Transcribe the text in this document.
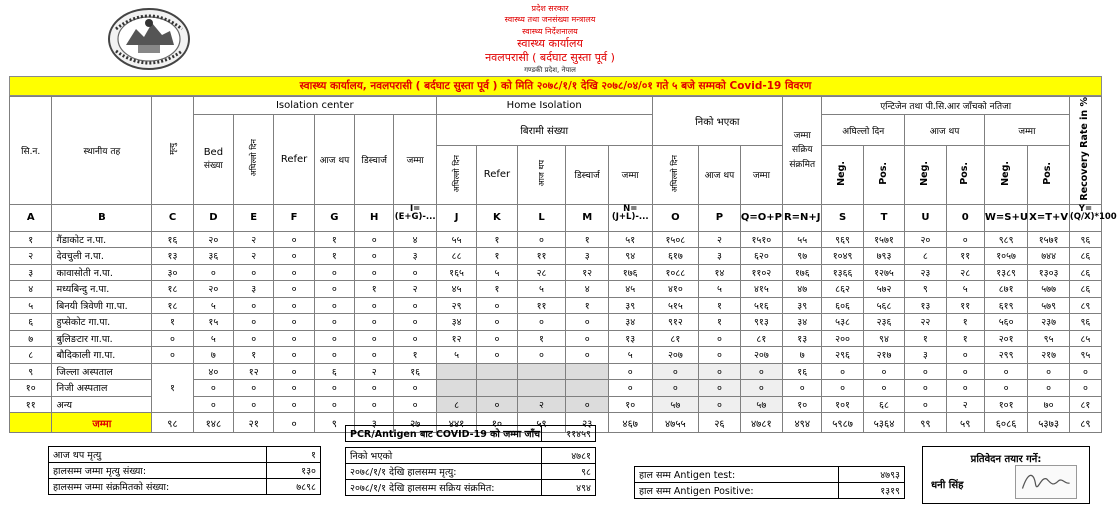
प्रदेश सरकार
स्वास्थ्य तथा जनसंख्या मन्त्रालय
स्वास्थ्य निर्देशनालय
स्वास्थ्य कार्यालय
नवलपरासी ( बर्दघाट सुस्ता पूर्व )
गण्डकी प्रदेश, नेपाल
स्वास्थ्य कार्यालय, नवलपरासी ( बर्दघाट सुस्ता पूर्व ) को मिति २०७८/१/१ देखि २०७८/०४/०१ गते ५ बजे सम्मको Covid-19 विवरण
सि.न.	स्थानीय तह	मृत्यु	Isolation center						Home Isolation					निको भएका			जम्मा सक्रिय संक्रमित	एन्टिजेन तथा पी.सि.आर जाँचको नतिजा						Recovery Rate in %
			Bed
संख्या	अघिल्लो दिन	Refer	आज थप	डिस्चार्ज	जम्मा	बिरामी संख्या									अघिल्लो दिन		आज थप		जम्मा		
									अघिल्लो दिन	Refer	आज थप	डिस्चार्ज	जम्मा	अघिल्लो दिन	आज थप	जम्मा		Neg.	Pos.	Neg.	Pos.	Neg.	Pos.	

A	B	C	D	E	F	G	H	I=(E+G)-...	J	K	L	M	N=(J+L)-...	O	P	Q=O+P	R=N+J	S	T	U	0	W=S+U	X=T+V	Y=(Q/X)*100
१	गैंडाकोट न.पा.	१६	२०	२	०	१	०	४	५५	१	०	१	५१	१५०८	२	१५१०	५५	९६९	१५७१	२०	०	९८९	१५७१	९६
२	देवचुली न.पा.	१३	३६	२	०	१	०	३	८८	१	११	३	९४	६१७	३	६२०	९७	१०४९	७९३	८	११	१०५७	७४४	८६
३	कावासोती न.पा.	३०	०	०	०	०	०	०	१६५	५	२८	१२	१७६	१०८८	१४	११०२	१७६	१३६६	१२७५	२३	२८	१३८९	१३०३	८६
४	मध्यबिन्दु न.पा.	१८	२०	३	०	०	१	२	४५	१	५	४	४५	४१०	५	४१५	४७	८६२	५७२	९	५	८७१	५७७	८६
५	बिनयी त्रिवेणी गा.पा.	१८	५	०	०	०	०	०	२९	०	११	१	३९	५१५	१	५१६	३९	६०६	५६८	१३	११	६१९	५७९	८९
६	हुप्सेकोट गा.पा.	१	१५	०	०	०	०	०	३४	०	०	०	३४	९१२	१	९१३	३४	५३८	२३६	२२	१	५६०	२३७	९६
७	बुलिङटार गा.पा.	०	५	०	०	०	०	०	१२	०	१	०	१३	८१	०	८१	१३	२००	९४	१	१	२०१	९५	८५
८	बौदिकाली गा.पा.	०	७	१	०	०	०	१	५	०	०	०	५	२०७	०	२०७	७	२९६	२१७	३	०	२९९	२१७	९५
९	जिल्ला अस्पताल	१	४०	१२	०	६	२	१६					०	०	०	०	१६	०	०	०	०	०	०	०
१०	निजी अस्पताल		०	०	०	०	०	०					०	०	०	०	०	०	०	०	०	०	०	०
११	अन्य		०	०	०	०	०	०	८	०	२	०	१०	५७	०	५७	१०	१०१	६८	०	२	१०१	७०	८१
	जम्मा	९८	१४८	२१	०	९	३	२७	४४१	१०	५९	२३	४६७	४७५५	२६	४७८१	४९४	५९८७	५३६४	९९	५९	६०८६	५३७३	८९
आज थप मृत्यु	१
हालसम्म जम्मा मृत्यु संख्या:	१३०
हालसम्म जम्मा संक्रमितको संख्या:	७८९८
PCR/Antigen बाट COVID-19 को जम्मा जाँच	११४५९

निको भएको	४७८१
२०७८/१/१ देखि हालसम्म मृत्यु:	९८
२०७८/१/१ देखि हालसम्म सक्रिय संक्रमित:	४९४
हाल सम्म Antigen test:	४७९३
हाल सम्म Antigen Positive:	१३१९
प्रतिवेदन तयार गर्ने:
धनी सिंह
